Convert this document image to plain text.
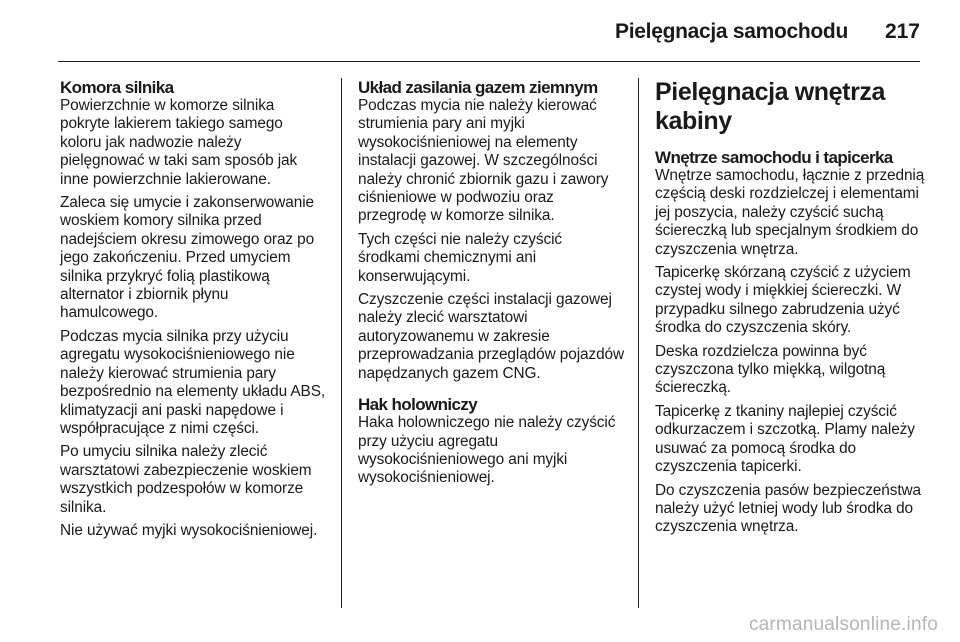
Pielęgnacja samochodu 217
Komora silnika

Powierzchnie w komorze silnika pokryte lakierem takiego samego koloru jak nadwozie należy pielęgnować w taki sam sposób jak inne powierzchnie lakierowane.

Zaleca się umycie i zakonserwowanie woskiem komory silnika przed nadejściem okresu zimowego oraz po jego zakończeniu. Przed umyciem silnika przykryć folią plastikową alternator i zbiornik płynu hamulcowego.

Podczas mycia silnika przy użyciu agregatu wysokociśnieniowego nie należy kierować strumienia pary bezpośrednio na elementy układu ABS, klimatyzacji ani paski napędowe i współpracujące z nimi części.

Po umyciu silnika należy zlecić warsztatowi zabezpieczenie woskiem wszystkich podzespołów w komorze silnika.

Nie używać myjki wysokociśnieniowej.

Układ zasilania gazem ziemnym

Podczas mycia nie należy kierować strumienia pary ani myjki wysokociśnieniowej na elementy instalacji gazowej. W szczególności należy chronić zbiornik gazu i zawory ciśnieniowe w podwoziu oraz przegrodę w komorze silnika.

Tych części nie należy czyścić środkami chemicznymi ani konserwującymi.

Czyszczenie części instalacji gazowej należy zlecić warsztatowi autoryzowanemu w zakresie przeprowadzania przeglądów pojazdów napędzanych gazem CNG.

Hak holowniczy

Haka holowniczego nie należy czyścić przy użyciu agregatu wysokociśnieniowego ani myjki wysokociśnieniowej.

Pielęgnacja wnętrza kabiny
Wnętrze samochodu i tapicerka

Wnętrze samochodu, łącznie z przednią częścią deski rozdzielczej i elementami jej poszycia, należy czyścić suchą ściereczką lub specjalnym środkiem do czyszczenia wnętrza.

Tapicerkę skórzaną czyścić z użyciem czystej wody i miękkiej ściereczki. W przypadku silnego zabrudzenia użyć środka do czyszczenia skóry.

Deska rozdzielcza powinna być czyszczona tylko miękką, wilgotną ściereczką.

Tapicerkę z tkaniny najlepiej czyścić odkurzaczem i szczotką. Plamy należy usuwać za pomocą środka do czyszczenia tapicerki.

Do czyszczenia pasów bezpieczeństwa należy użyć letniej wody lub środka do czyszczenia wnętrza.

carmanualsonline.info
